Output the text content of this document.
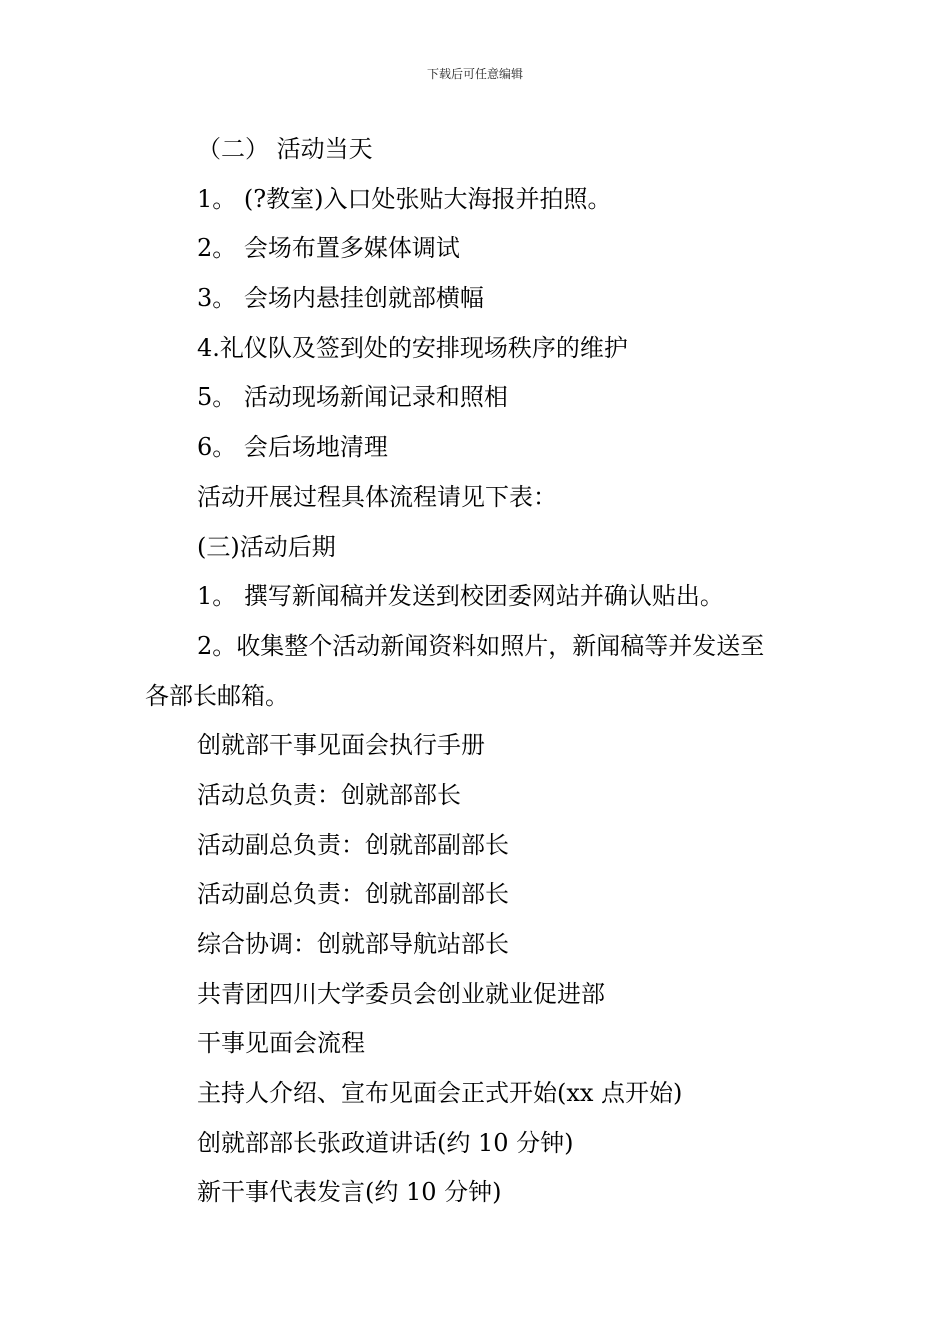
下载后可任意编辑
（二） 活动当天
1。 (?教室)入口处张贴大海报并拍照。
2。 会场布置多媒体调试
3。 会场内悬挂创就部横幅
4.礼仪队及签到处的安排现场秩序的维护
5。 活动现场新闻记录和照相
6。 会后场地清理
活动开展过程具体流程请见下表：
(三)活动后期
1。 撰写新闻稿并发送到校团委网站并确认贴出。
2。收集整个活动新闻资料如照片，新闻稿等并发送至
各部长邮箱。
创就部干事见面会执行手册
活动总负责：创就部部长
活动副总负责：创就部副部长
活动副总负责：创就部副部长
综合协调：创就部导航站部长
共青团四川大学委员会创业就业促进部
干事见面会流程
主持人介绍、宣布见面会正式开始(xx 点开始)
创就部部长张政道讲话(约 10 分钟)
新干事代表发言(约 10 分钟)
